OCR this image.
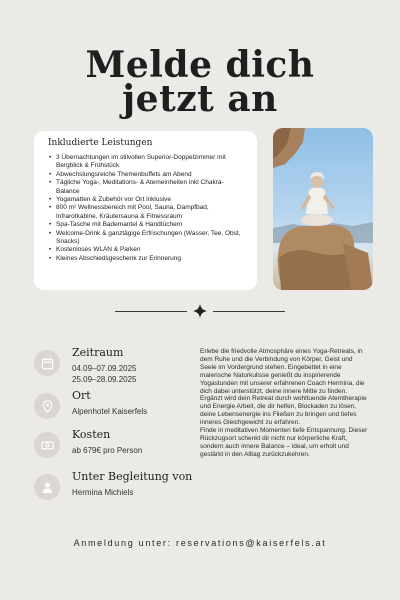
Melde dich
jetzt an
Inkludierte Leistungen
• 3 Übernachtungen im stilvollen Superior-Doppelzimmer mit Bergblick & Frühstück
• Abwechslungsreiche Themenbuffets am Abend
• Tägliche Yoga-, Meditations- & Atemeinheiten inkl Chakra-Balance
• Yogamatten & Zubehör vor Ort inklusive
• 800 m² Wellnessbereich mit Pool, Sauna, Dampfbad, Infrarotkabine, Kräutersauna & Fitnessraum
• Spa-Tasche mit Bademantel & Handtüchern
• Welcome-Drink & ganztägige Erfrischungen (Wasser, Tee, Obst, Snacks)
• Kostenloses WLAN & Parken
• Kleines Abschiedsgeschenk zur Erinnerung
Zeitraum
04.09–07.09.2025
25.09–28.09.2025
Ort
Alpenhotel Kaiserfels
Kosten
ab 679€ pro Person
Unter Begleitung von
Hermina Michiels

Erlebe die friedvolle Atmosphäre eines Yoga-Retreats, in dem Ruhe und die Verbindung von Körper, Geist und Seele im Vordergrund stehen. Eingebettet in eine malerische Naturkulisse genießt du inspirierende Yogastunden mit unserer erfahrenen Coach Hermina, die dich dabei unterstützt, deine innere Mitte zu finden.

Ergänzt wird dein Retreat durch wohltuende Atemtherapie und Energie Arbeit, die dir helfen, Blockaden zu lösen, deine Lebensenergie ins Fließen zu bringen und tiefes inneres Gleichgewicht zu erfahren.

Finde in meditativen Momenten tiefe Entspannung. Dieser Rückzugsort schenkt dir nicht nur körperliche Kraft, sondern auch innere Balance – ideal, um erholt und gestärkt in den Alltag zurückzukehren.

Anmeldung unter: reservations@kaiserfels.at
